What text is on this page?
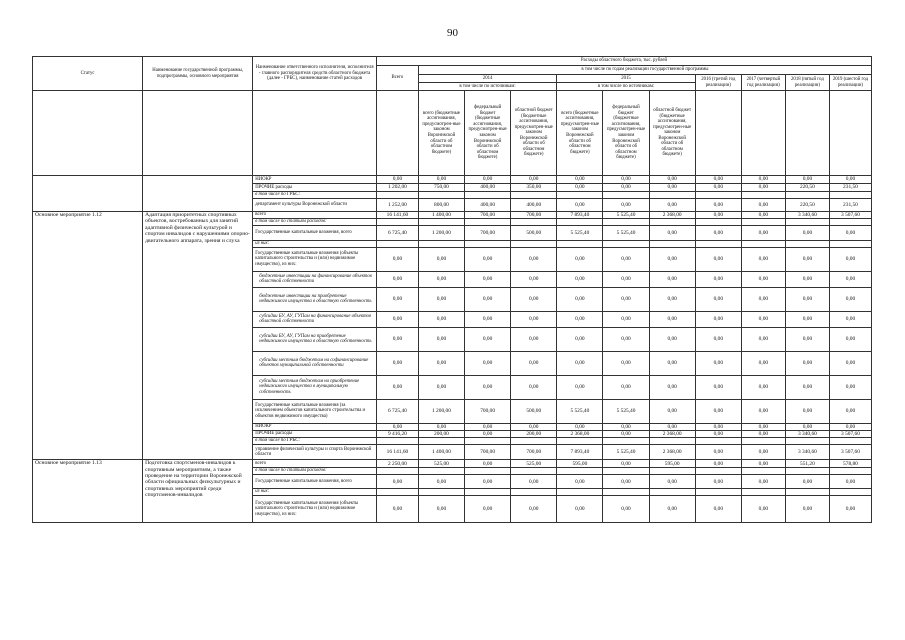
90
Статус	Наименование государственной программы, подпрограммы, основного мероприятия	Наименование ответственного исполнителя, исполнителя - главного распорядителя средств областного бюджета (далее - ГРБС), наименование статей расходов	Расходы областного бюджета, тыс. рублей										
			Всего	в том числе по годам реализации государственной программы									
				2014			2015			2016 (третий год реализации)	2017 (четвертый год реализации)	2018 (пятый год реализации)	2019 (шестой год реализации)
				в том числе по источникам:			в том числе по источникам:						
				всего (бюджетные ассигнования, предусмотрен-ные законом Воронежской области об областном бюджете)	федеральный бюджет (бюджетные ассигнования, предусмотрен-ные законом Воронежской области об областном бюджете)	областной бюджет (бюджетные ассигнования, предусмотрен-ные законом Воронежской области об областном бюджете)	всего (бюджетные ассигнования, предусмотрен-ные законом Воронежской области об областном бюджете)	федеральный бюджет (бюджетные ассигнования, предусмотрен-ные законом Воронежской области об областном бюджете)	областной бюджет (бюджетные ассигнования, предусмотрен-ные законом Воронежской области об областном бюджете)				
		НИОКР	0,00	0,00	0,00	0,00	0,00	0,00	0,00	0,00	0,00	0,00	0,00
		ПРОЧИЕ расходы	1 202,00	750,00	400,00	350,00	0,00	0,00	0,00	0,00	0,00	220,50	231,50
		в том числе по ГРБС:											
		департамент культуры Воронежской области	1 252,00	800,00	400,00	400,00	0,00	0,00	0,00	0,00	0,00	220,50	231,50
Основное мероприятие 1.12	Адаптация приоритетных спортивных объектов, востребованных для занятий адаптивной физической культурой и спортом инвалидов с нарушениями опорно-двигательного аппарата, зрения и слуха	всего	16 141,60	1 400,00	700,00	700,00	7 893,40	5 525,40	2 368,00	0,00	0,00	3 340,60	3 507,60
		в том числе по статьям расходов:											
		Государственные капитальные вложения, всего	6 725,40	1 200,00	700,00	500,00	5 525,40	5 525,40	0,00	0,00	0,00	0,00	0,00
		из них:											
		Государственные капитальные вложения (объекты капитального строительства и (или) недвижимое имущество), из них:	0,00	0,00	0,00	0,00	0,00	0,00	0,00	0,00	0,00	0,00	0,00
		бюджетные инвестиции на финансирование объектов областной собственности	0,00	0,00	0,00	0,00	0,00	0,00	0,00	0,00	0,00	0,00	0,00
		бюджетные инвестиции на приобретение недвижимого имущества в областную собственность	0,00	0,00	0,00	0,00	0,00	0,00	0,00	0,00	0,00	0,00	0,00
		субсидии БУ, АУ, ГУПам на финансирование объектов областной собственности	0,00	0,00	0,00	0,00	0,00	0,00	0,00	0,00	0,00	0,00	0,00
		субсидии БУ, АУ, ГУПам на приобретение недвижимого имущества в областную собственность	0,00	0,00	0,00	0,00	0,00	0,00	0,00	0,00	0,00	0,00	0,00
		субсидии местным бюджетам на софинансирование объектов муниципальной собственности	0,00	0,00	0,00	0,00	0,00	0,00	0,00	0,00	0,00	0,00	0,00
		субсидии местным бюджетам на приобретение недвижимого имущества в муниципальную собственность	0,00	0,00	0,00	0,00	0,00	0,00	0,00	0,00	0,00	0,00	0,00
		Государственные капитальные вложения (за исключением объектов капитального строительства и объектов недвижимого имущества)	6 725,40	1 200,00	700,00	500,00	5 525,40	5 525,40	0,00	0,00	0,00	0,00	0,00
		НИОКР	0,00	0,00	0,00	0,00	0,00	0,00	0,00	0,00	0,00	0,00	0,00
		ПРОЧИЕ расходы	9 416,20	200,00	0,00	200,00	2 368,00	0,00	2 368,00	0,00	0,00	3 340,60	3 507,60
		в том числе по ГРБС:											
		управление физической культуры и спорта Воронежской области	16 141,60	1 400,00	700,00	700,00	7 893,40	5 525,40	2 368,00	0,00	0,00	3 340,60	3 507,60
Основное мероприятие 1.13	Подготовка спортсменов-инвалидов к спортивным мероприятиям, а также проведение на территории Воронежской области официальных физкультурных и спортивных мероприятий среди спортсменов-инвалидов	всего	2 250,00	525,00	0,00	525,00	595,00	0,00	595,00	0,00	0,00	551,20	578,80
		в том числе по статьям расходов:											
		Государственные капитальные вложения, всего	0,00	0,00	0,00	0,00	0,00	0,00	0,00	0,00	0,00	0,00	0,00
		из них:											
		Государственные капитальные вложения (объекты капитального строительства и (или) недвижимое имущество), из них:	0,00	0,00	0,00	0,00	0,00	0,00	0,00	0,00	0,00	0,00	0,00
